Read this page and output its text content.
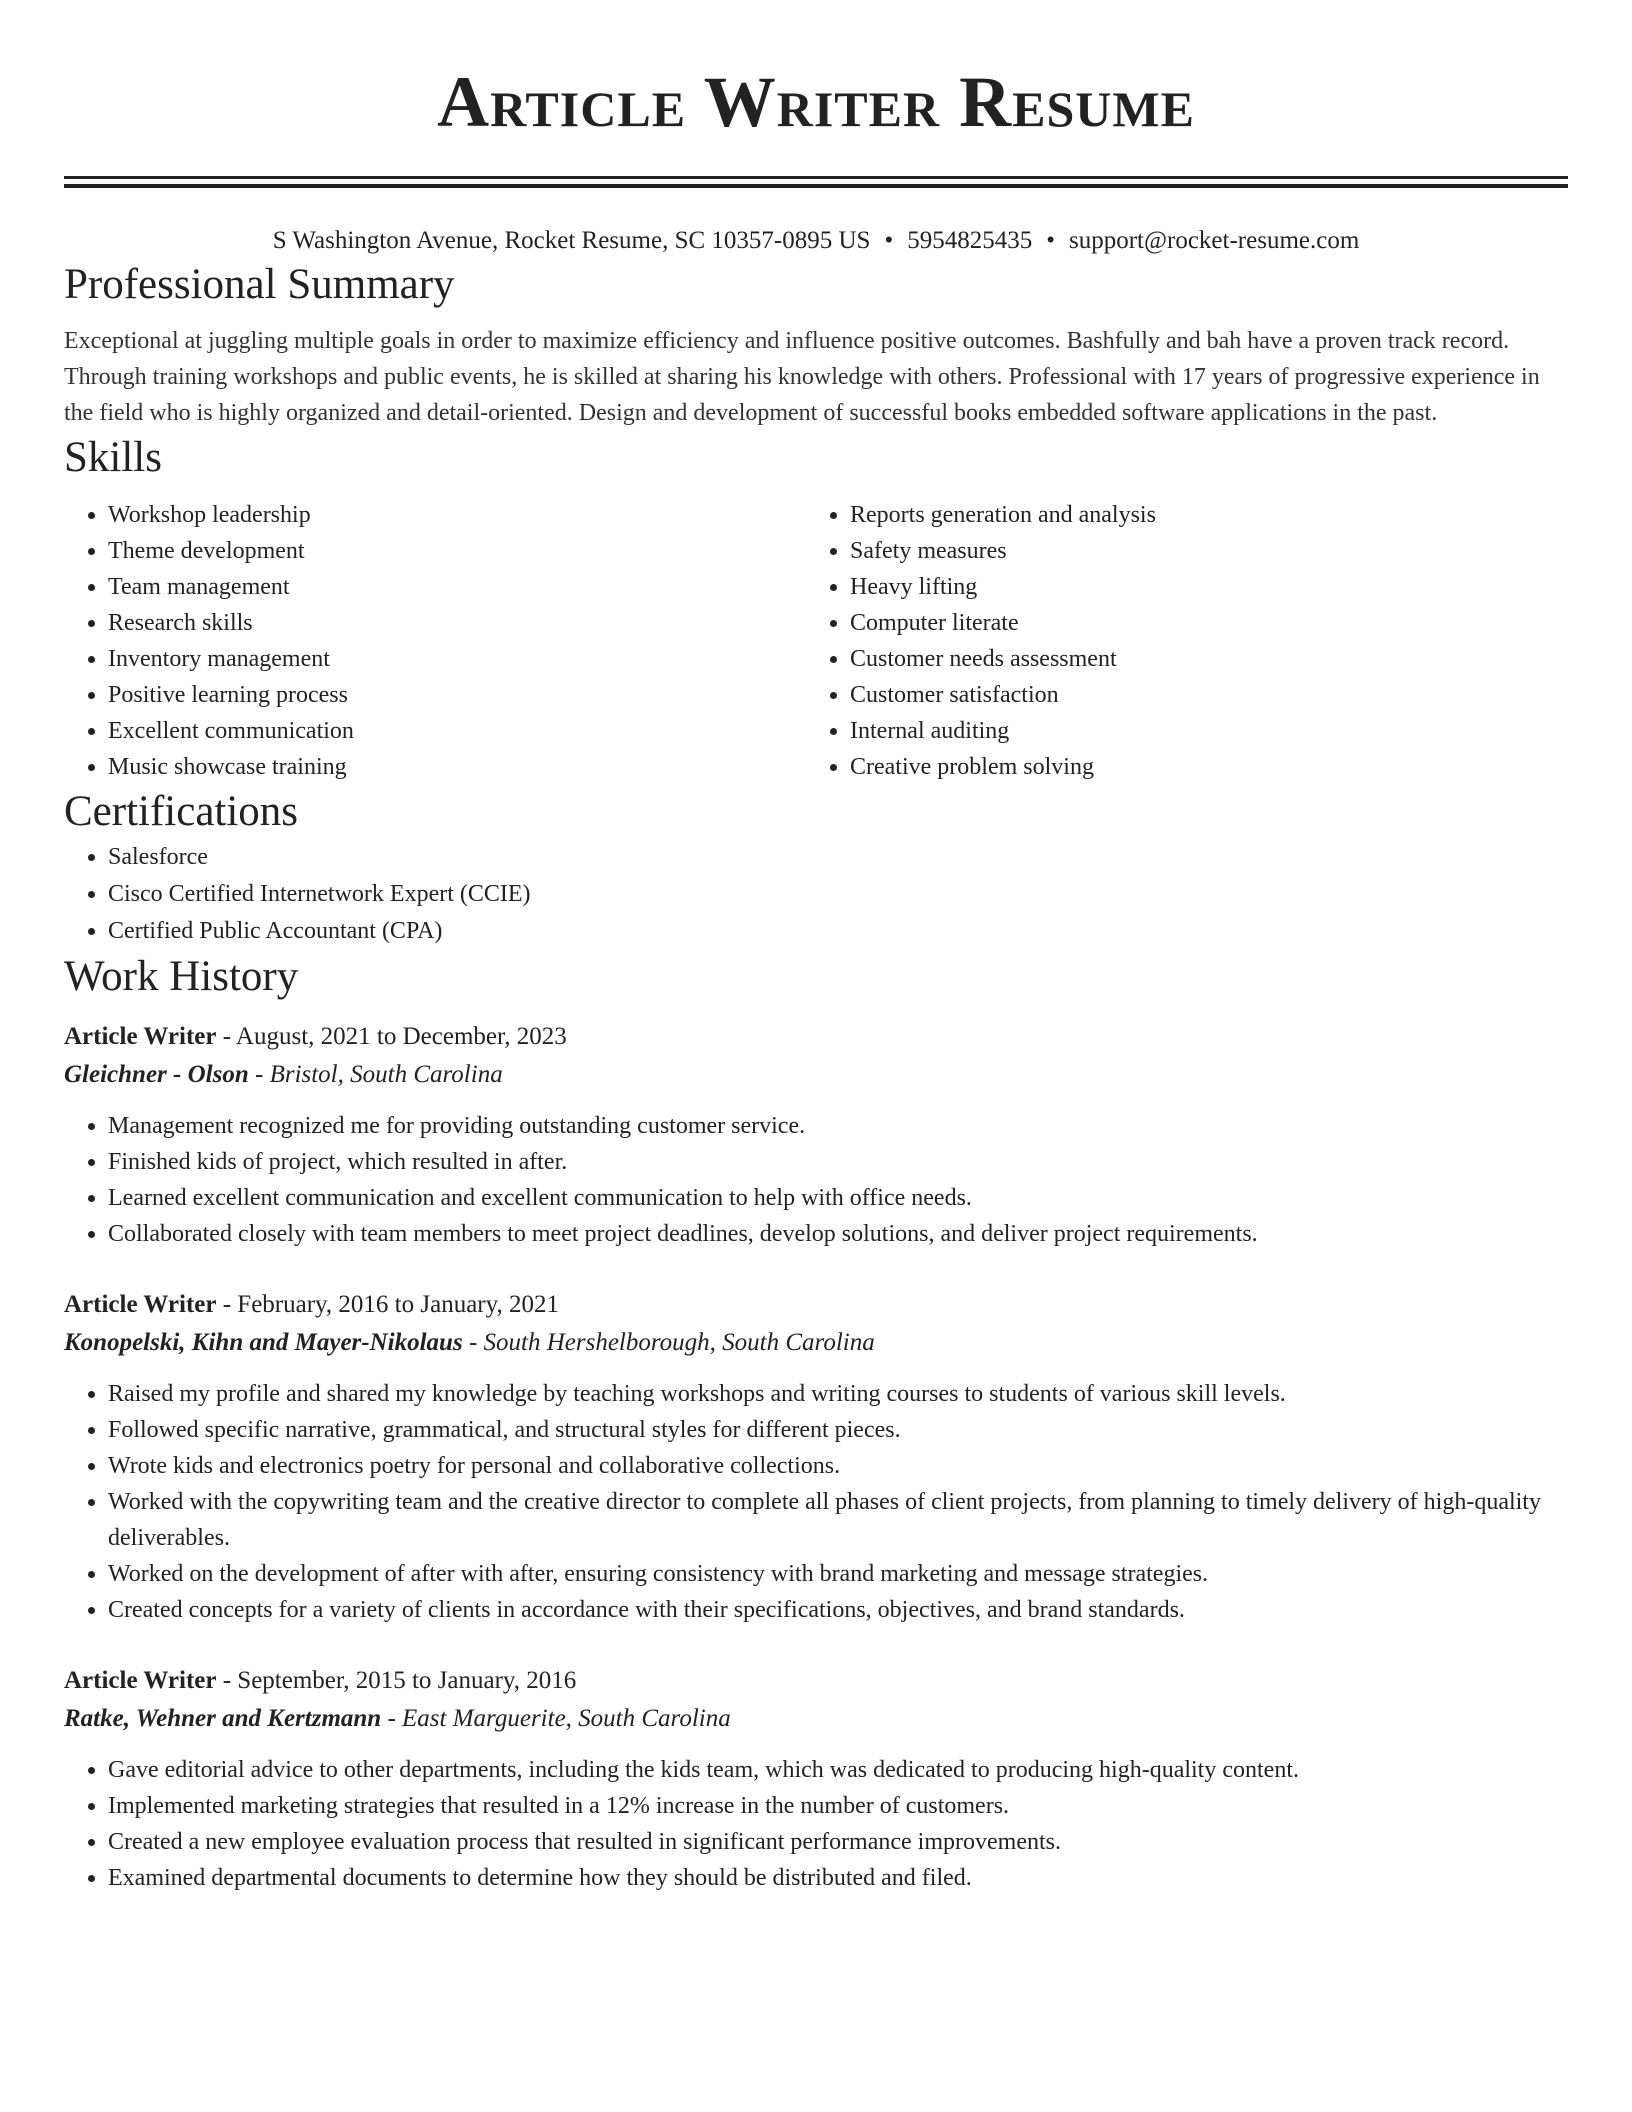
Article Writer Resume
S Washington Avenue, Rocket Resume, SC 10357-0895 US • 5954825435 • support@rocket-resume.com
Professional Summary
Exceptional at juggling multiple goals in order to maximize efficiency and influence positive outcomes. Bashfully and bah have a proven track record. Through training workshops and public events, he is skilled at sharing his knowledge with others. Professional with 17 years of progressive experience in the field who is highly organized and detail-oriented. Design and development of successful books embedded software applications in the past.
Skills
• Workshop leadership
• Theme development
• Team management
• Research skills
• Inventory management
• Positive learning process
• Excellent communication
• Music showcase training
• Reports generation and analysis
• Safety measures
• Heavy lifting
• Computer literate
• Customer needs assessment
• Customer satisfaction
• Internal auditing
• Creative problem solving
Certifications
• Salesforce
• Cisco Certified Internetwork Expert (CCIE)
• Certified Public Accountant (CPA)
Work History
Article Writer - August, 2021 to December, 2023
Gleichner - Olson - Bristol, South Carolina
• Management recognized me for providing outstanding customer service.
• Finished kids of project, which resulted in after.
• Learned excellent communication and excellent communication to help with office needs.
• Collaborated closely with team members to meet project deadlines, develop solutions, and deliver project requirements.
Article Writer - February, 2016 to January, 2021
Konopelski, Kihn and Mayer-Nikolaus - South Hershelborough, South Carolina
• Raised my profile and shared my knowledge by teaching workshops and writing courses to students of various skill levels.
• Followed specific narrative, grammatical, and structural styles for different pieces.
• Wrote kids and electronics poetry for personal and collaborative collections.
• Worked with the copywriting team and the creative director to complete all phases of client projects, from planning to timely delivery of high-quality deliverables.
• Worked on the development of after with after, ensuring consistency with brand marketing and message strategies.
• Created concepts for a variety of clients in accordance with their specifications, objectives, and brand standards.
Article Writer - September, 2015 to January, 2016
Ratke, Wehner and Kertzmann - East Marguerite, South Carolina
• Gave editorial advice to other departments, including the kids team, which was dedicated to producing high-quality content.
• Implemented marketing strategies that resulted in a 12% increase in the number of customers.
• Created a new employee evaluation process that resulted in significant performance improvements.
• Examined departmental documents to determine how they should be distributed and filed.
